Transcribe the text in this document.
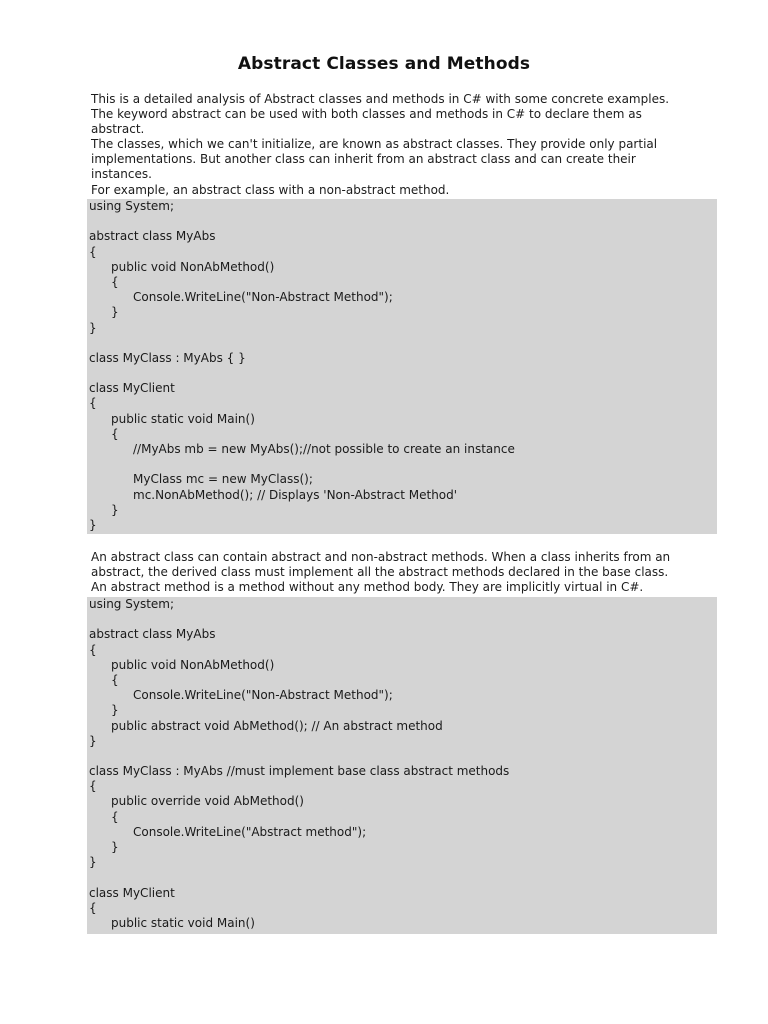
Abstract Classes and Methods

This is a detailed analysis of Abstract classes and methods in C# with some concrete examples.

The keyword abstract can be used with both classes and methods in C# to declare them as

abstract.

The classes, which we can't initialize, are known as abstract classes. They provide only partial

implementations. But another class can inherit from an abstract class and can create their

instances.

For example, an abstract class with a non-abstract method.

using System;
abstract class MyAbs
{
public void NonAbMethod()
{
Console.WriteLine("Non-Abstract Method");
}
}
class MyClass : MyAbs { }
class MyClient
{
public static void Main()
{
//MyAbs mb = new MyAbs();//not possible to create an instance
MyClass mc = new MyClass();
mc.NonAbMethod(); // Displays 'Non-Abstract Method'
}
}

An abstract class can contain abstract and non-abstract methods. When a class inherits from an

abstract, the derived class must implement all the abstract methods declared in the base class.

An abstract method is a method without any method body. They are implicitly virtual in C#.

using System;
abstract class MyAbs
{
public void NonAbMethod()
{
Console.WriteLine("Non-Abstract Method");
}
public abstract void AbMethod(); // An abstract method
}
class MyClass : MyAbs //must implement base class abstract methods
{
public override void AbMethod()
{
Console.WriteLine("Abstract method");
}
}
class MyClient
{
public static void Main()
